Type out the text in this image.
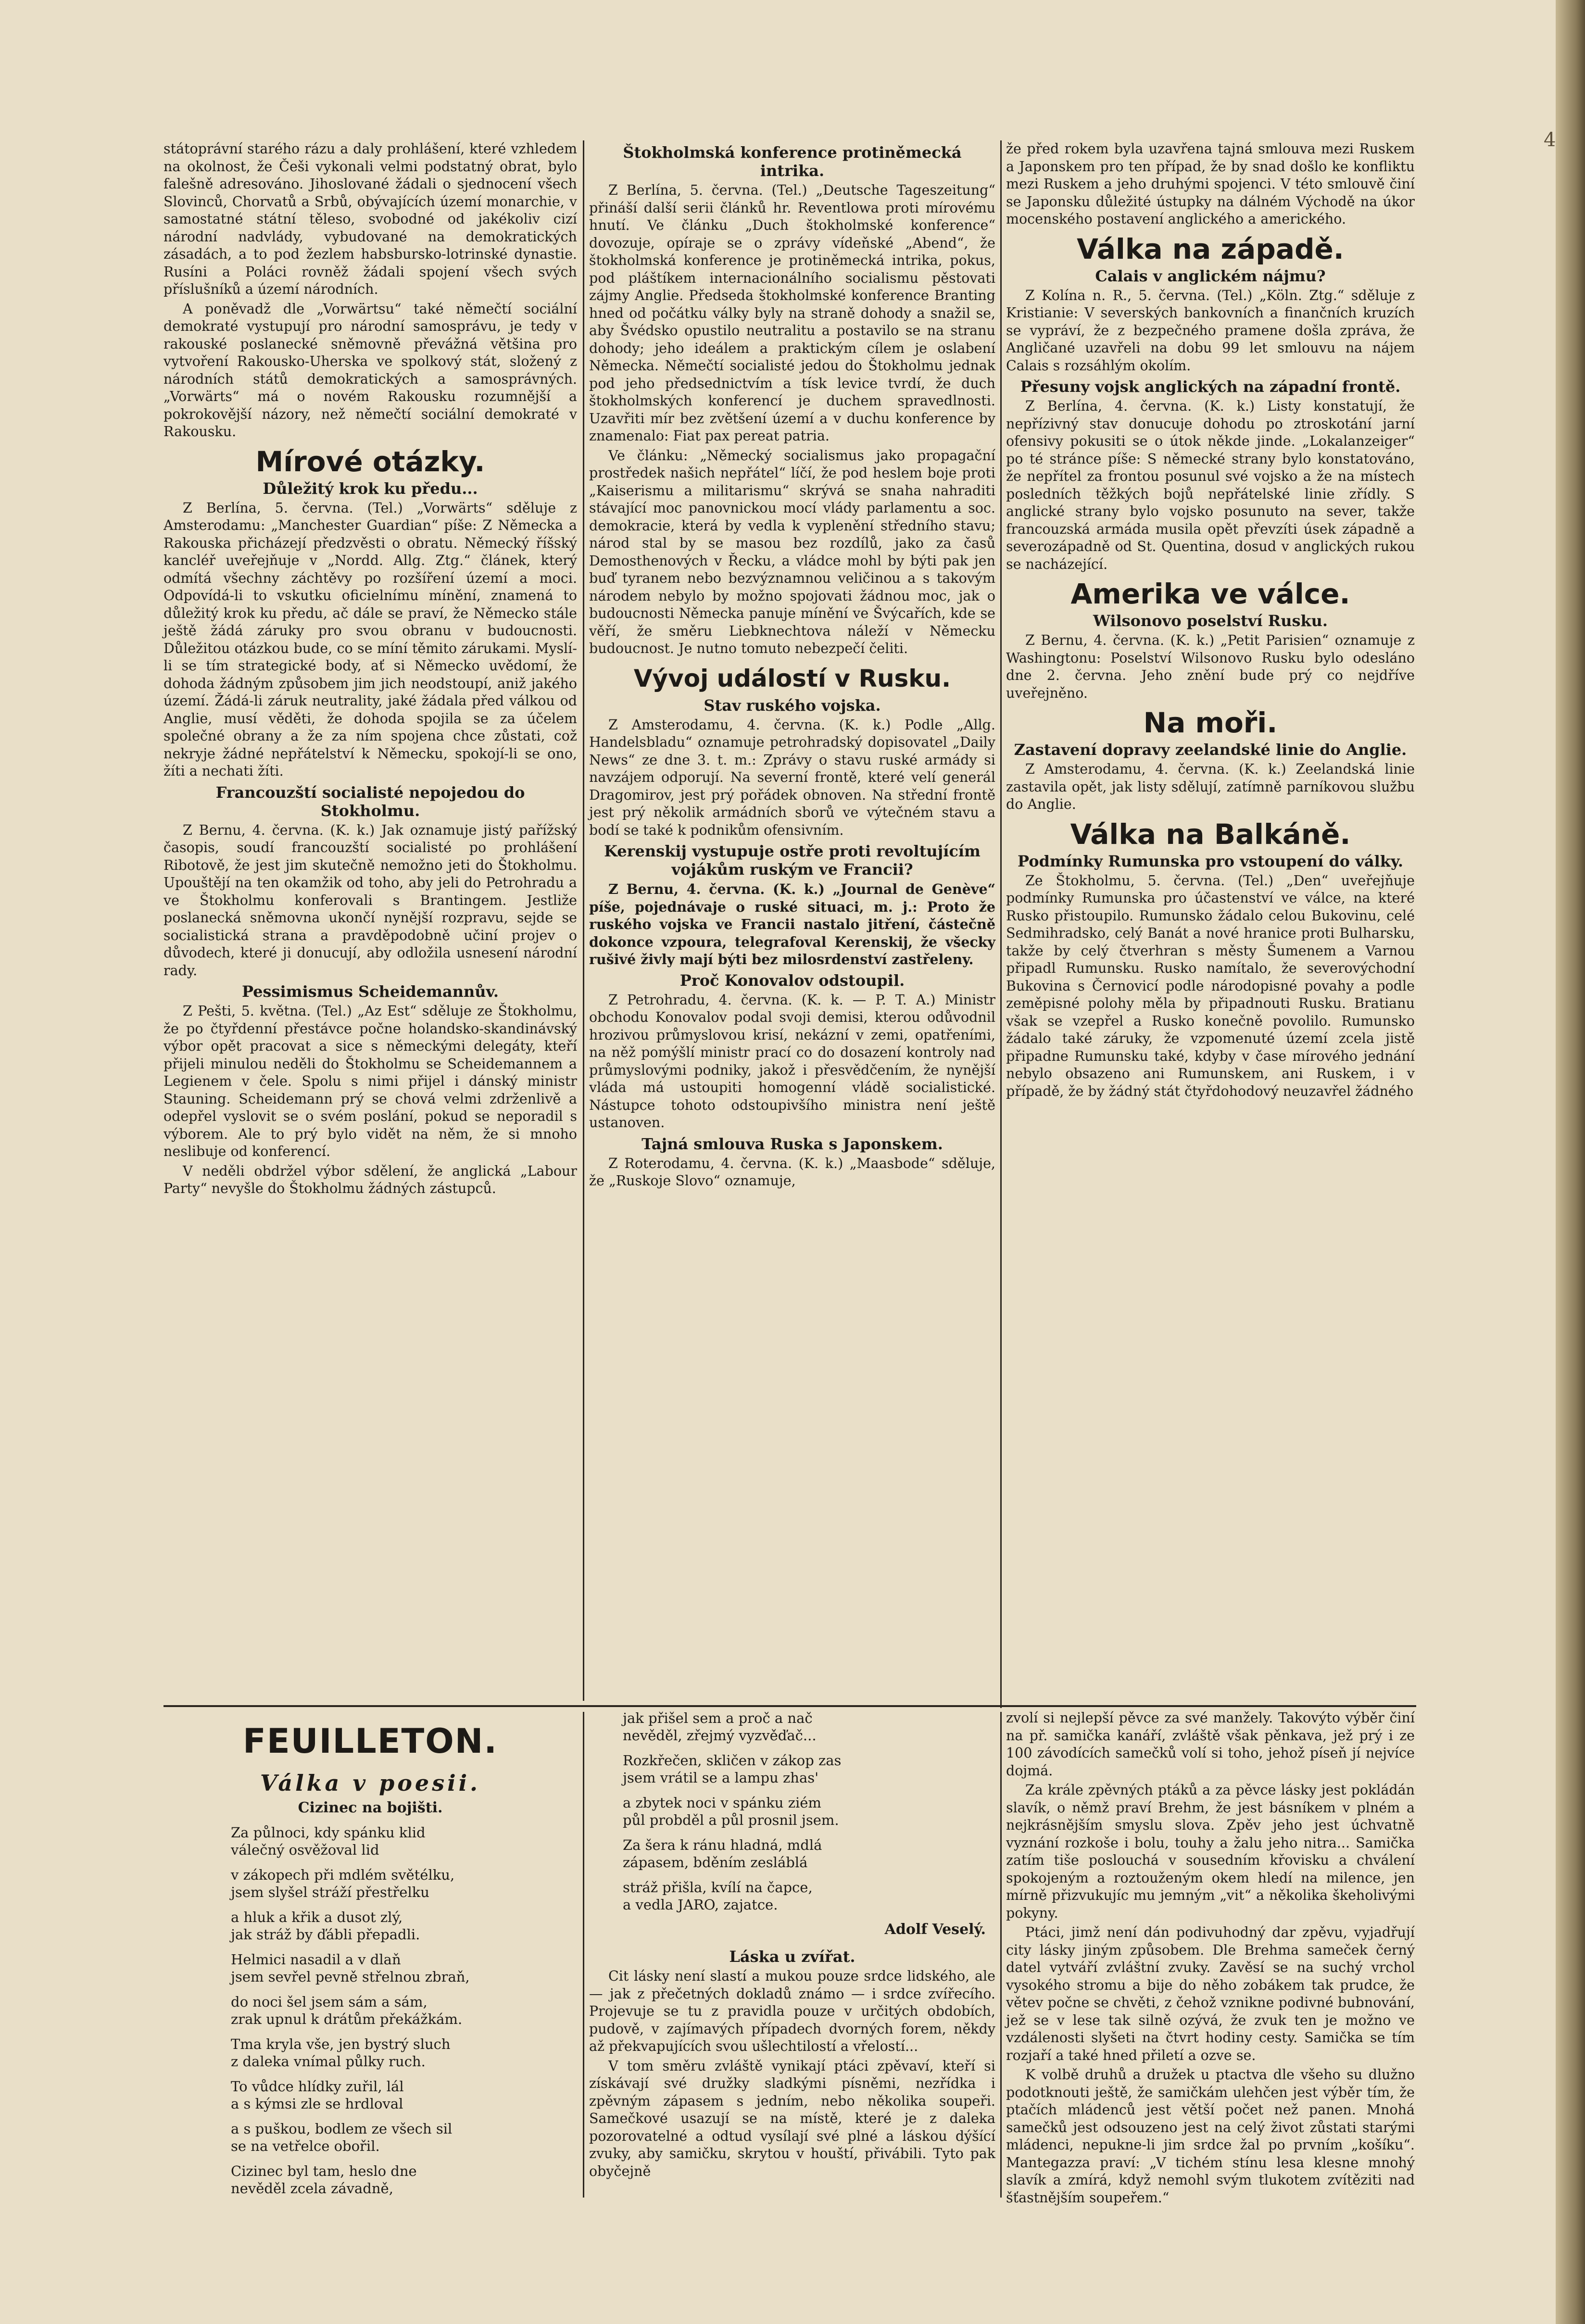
4

státoprávní starého rázu a daly prohlášení, které vzhledem na okolnost, že Češi vykonali velmi podstatný obrat, bylo falešně adresováno. Jihoslované žádali o sjednocení všech Slovinců, Chorvatů a Srbů, obývajících území monarchie, v samostatné státní těleso, svobodné od jakékoliv cizí národní nadvlády, vybudované na demokratických zásadách, a to pod žezlem habsbursko-lotrinské dynastie. Rusíni a Poláci rovněž žádali spojení všech svých příslušníků a území národních.

A poněvadž dle „Vorwärtsu“ také němečtí sociální demokraté vystupují pro národní samosprávu, je tedy v rakouské poslanecké sněmovně převážná většina pro vytvoření Rakousko-Uherska ve spolkový stát, složený z národních států demokratických a samosprávných. „Vorwärts“ má o novém Rakousku rozumnější a pokrokovější názory, než němečtí sociální demokraté v Rakousku.

Mírové otázky.
Důležitý krok ku předu...

Z Berlína, 5. června. (Tel.) „Vorwärts“ sděluje z Amsterodamu: „Manchester Guardian“ píše: Z Německa a Rakouska přicházejí předzvěsti o obratu. Německý říšský kancléř uveřejňuje v „Nordd. Allg. Ztg.“ článek, který odmítá všechny záchtěvy po rozšíření území a moci. Odpovídá-li to vskutku oficielnímu mínění, znamená to důležitý krok ku předu, ač dále se praví, že Německo stále ještě žádá záruky pro svou obranu v budoucnosti. Důležitou otázkou bude, co se míní těmito zárukami. Myslí-li se tím strategické body, ať si Německo uvědomí, že dohoda žádným způsobem jim jich neodstoupí, aniž jakého území. Žádá-li záruk neutrality, jaké žádala před válkou od Anglie, musí věděti, že dohoda spojila se za účelem společné obrany a že za ním spojena chce zůstati, což nekryje žádné nepřátelství k Německu, spokojí-li se ono, žíti a nechati žíti.

Francouzští socialisté nepojedou do Stokholmu.

Z Bernu, 4. června. (K. k.) Jak oznamuje jistý pařížský časopis, soudí francouzští socialisté po prohlášení Ribotově, že jest jim skutečně nemožno jeti do Štokholmu. Upouštějí na ten okamžik od toho, aby jeli do Petrohradu a ve Štokholmu konferovali s Brantingem. Jestliže poslanecká sněmovna ukončí nynější rozpravu, sejde se socialistická strana a pravděpodobně učiní projev o důvodech, které ji donucují, aby odložila usnesení národní rady.

Pessimismus Scheidemannův.

Z Pešti, 5. května. (Tel.) „Az Est“ sděluje ze Štokholmu, že po čtyřdenní přestávce počne holandsko-skandinávský výbor opět pracovat a sice s německými delegáty, kteří přijeli minulou neděli do Štokholmu se Scheidemannem a Legienem v čele. Spolu s nimi přijel i dánský ministr Stauning. Scheidemann prý se chová velmi zdrženlivě a odepřel vyslovit se o svém poslání, pokud se neporadil s výborem. Ale to prý bylo vidět na něm, že si mnoho neslibuje od konferencí.

V neděli obdržel výbor sdělení, že anglická „Labour Party“ nevyšle do Štokholmu žádných zástupců.

Štokholmská konference protiněmecká intrika.

Z Berlína, 5. června. (Tel.) „Deutsche Tageszeitung“ přináší další serii článků hr. Reventlowa proti mírovému hnutí. Ve článku „Duch štokholmské konference“ dovozuje, opíraje se o zprávy vídeňské „Abend“, že štokholmská konference je protiněmecká intrika, pokus, pod pláštíkem internacionálního socialismu pěstovati zájmy Anglie. Předseda štokholmské konference Branting hned od počátku války byly na straně dohody a snažil se, aby Švédsko opustilo neutralitu a postavilo se na stranu dohody; jeho ideálem a praktickým cílem je oslabení Německa. Němečtí socialisté jedou do Štokholmu jednak pod jeho předsednictvím a tísk levice tvrdí, že duch štokholmských konferencí je duchem spravedlnosti. Uzavřiti mír bez zvětšení území a v duchu konference by znamenalo: Fiat pax pereat patria.

Ve článku: „Německý socialismus jako propagační prostředek našich nepřátel“ líčí, že pod heslem boje proti „Kaiserismu a militarismu“ skrývá se snaha nahraditi stávající moc panovnickou mocí vlády parlamentu a soc. demokracie, která by vedla k vyplenění středního stavu; národ stal by se masou bez rozdílů, jako za časů Demosthenových v Řecku, a vládce mohl by býti pak jen buď tyranem nebo bezvýznamnou veličinou a s takovým národem nebylo by možno spojovati žádnou moc, jak o budoucnosti Německa panuje mínění ve Švýcařích, kde se věří, že směru Liebknechtova náleží v Německu budoucnost. Je nutno tomuto nebezpečí čeliti.

Vývoj událostí v Rusku.
Stav ruského vojska.

Z Amsterodamu, 4. června. (K. k.) Podle „Allg. Handelsbladu“ oznamuje petrohradský dopisovatel „Daily News“ ze dne 3. t. m.: Zprávy o stavu ruské armády si navzájem odporují. Na severní frontě, které velí generál Dragomirov, jest prý pořádek obnoven. Na střední frontě jest prý několik armádních sborů ve výtečném stavu a bodí se také k podnikům ofensivním.

Kerenskij vystupuje ostře proti revoltujícím vojákům ruským ve Francii?

Z Bernu, 4. června. (K. k.) „Journal de Genève“ píše, pojednávaje o ruské situaci, m. j.: Proto že ruského vojska ve Francii nastalo jitření, částečně dokonce vzpoura, telegrafoval Kerenskij, že všecky rušivé živly mají býti bez milosrdenství zastřeleny.

Proč Konovalov odstoupil.

Z Petrohradu, 4. června. (K. k. — P. T. A.) Ministr obchodu Konovalov podal svoji demisi, kterou odůvodnil hrozivou průmyslovou krisí, nekázní v zemi, opatřeními, na něž pomýšlí ministr prací co do dosazení kontroly nad průmyslovými podniky, jakož i přesvědčením, že nynější vláda má ustoupiti homogenní vládě socialistické. Nástupce tohoto odstoupivšího ministra není ještě ustanoven.

Tajná smlouva Ruska s Japonskem.

Z Roterodamu, 4. června. (K. k.) „Maasbode“ sděluje, že „Ruskoje Slovo“ oznamuje,

že před rokem byla uzavřena tajná smlouva mezi Ruskem a Japonskem pro ten případ, že by snad došlo ke konfliktu mezi Ruskem a jeho druhými spojenci. V této smlouvě činí se Japonsku důležité ústupky na dálném Východě na úkor mocenského postavení anglického a amerického.

Válka na západě.
Calais v anglickém nájmu?

Z Kolína n. R., 5. června. (Tel.) „Köln. Ztg.“ sděluje z Kristianie: V severských bankovních a finančních kruzích se vypráví, že z bezpečného pramene došla zpráva, že Angličané uzavřeli na dobu 99 let smlouvu na nájem Calais s rozsáhlým okolím.

Přesuny vojsk anglických na západní frontě.

Z Berlína, 4. června. (K. k.) Listy konstatují, že nepřízivný stav donucuje dohodu po ztroskotání jarní ofensivy pokusiti se o útok někde jinde. „Lokalanzeiger“ po té stránce píše: S německé strany bylo konstatováno, že nepřítel za frontou posunul své vojsko a že na místech posledních těžkých bojů nepřátelské linie zřídly. S anglické strany bylo vojsko posunuto na sever, takže francouzská armáda musila opět převzíti úsek západně a severozápadně od St. Quentina, dosud v anglických rukou se nacházející.

Amerika ve válce.
Wilsonovo poselství Rusku.

Z Bernu, 4. června. (K. k.) „Petit Parisien“ oznamuje z Washingtonu: Poselství Wilsonovo Rusku bylo odesláno dne 2. června. Jeho znění bude prý co nejdříve uveřejněno.

Na moři.
Zastavení dopravy zeelandské linie do Anglie.

Z Amsterodamu, 4. června. (K. k.) Zeelandská linie zastavila opět, jak listy sdělují, zatímně parníkovou službu do Anglie.

Válka na Balkáně.
Podmínky Rumunska pro vstoupení do války.

Ze Štokholmu, 5. června. (Tel.) „Den“ uveřejňuje podmínky Rumunska pro účastenství ve válce, na které Rusko přistoupilo. Rumunsko žádalo celou Bukovinu, celé Sedmihradsko, celý Banát a nové hranice proti Bulharsku, takže by celý čtverhran s městy Šumenem a Varnou připadl Rumunsku. Rusko namítalo, že severovýchodní Bukovina s Černovicí podle národopisné povahy a podle zeměpisné polohy měla by připadnouti Rusku. Bratianu však se vzepřel a Rusko konečně povolilo. Rumunsko žádalo také záruky, že vzpomenuté území zcela jistě připadne Rumunsku také, kdyby v čase mírového jednání nebylo obsazeno ani Rumunskem, ani Ruskem, i v případě, že by žádný stát čtyřdohodový neuzavřel žádného

FEUILLETON.
Válka v poesii.
Cizinec na bojišti.
Za půlnoci, kdy spánku klid
válečný osvěžoval lid
v zákopech při mdlém světélku,
jsem slyšel stráží přestřelku
a hluk a křik a dusot zlý,
jak stráž by ďábli přepadli.
Helmici nasadil a v dlaň
jsem sevřel pevně střelnou zbraň,
do noci šel jsem sám a sám,
zrak upnul k drátům překážkám.
Tma kryla vše, jen bystrý sluch
z daleka vnímal půlky ruch.
To vůdce hlídky zuřil, lál
a s kýmsi zle se hrdloval
a s puškou, bodlem ze všech sil
se na vetřelce obořil.
Cizinec byl tam, heslo dne
nevěděl zcela závadně,
jak přišel sem a proč a nač
nevěděl, zřejmý vyzvěďač...
Rozkřečen, skličen v zákop zas
jsem vrátil se a lampu zhas'
a zbytek noci v spánku ziém
půl probděl a půl prosnil jsem.
Za šera k ránu hladná, mdlá
zápasem, bděním zesláblá
stráž přišla, kvílí na čapce,
a vedla JARO, zajatce.
Adolf Veselý.
Láska u zvířat.

Cit lásky není slastí a mukou pouze srdce lidského, ale — jak z přečetných dokladů známo — i srdce zvířecího. Projevuje se tu z pravidla pouze v určitých obdobích, pudově, v zajímavých případech dvorných forem, někdy až překvapujících svou ušlechtilostí a vřelostí...

V tom směru zvláště vynikají ptáci zpěvaví, kteří si získávají své družky sladkými písněmi, nezřídka i zpěvným zápasem s jedním, nebo několika soupeři. Samečkové usazují se na místě, které je z daleka pozorovatelné a odtud vysílají své plné a láskou dýšící zvuky, aby samičku, skrytou v houští, přivábili. Tyto pak obyčejně

zvolí si nejlepší pěvce za své manžely. Takovýto výběr činí na př. samička kanáří, zvláště však pěnkava, jež prý i ze 100 závodících samečků volí si toho, jehož píseň jí nejvíce dojmá.

Za krále zpěvných ptáků a za pěvce lásky jest pokládán slavík, o němž praví Brehm, že jest básníkem v plném a nejkrásnějším smyslu slova. Zpěv jeho jest úchvatně vyznání rozkoše i bolu, touhy a žalu jeho nitra... Samička zatím tiše poslouchá v sousedním křovisku a chválení spokojeným a roztouženým okem hledí na milence, jen mírně přizvukujíc mu jemným „vit“ a několika škeholivými pokyny.

Ptáci, jimž není dán podivuhodný dar zpěvu, vyjadřují city lásky jiným způsobem. Dle Brehma sameček černý datel vytváří zvláštní zvuky. Zavěsí se na suchý vrchol vysokého stromu a bije do něho zobákem tak prudce, že větev počne se chvěti, z čehož vznikne podivné bubnování, jež se v lese tak silně ozývá, že zvuk ten je možno ve vzdálenosti slyšeti na čtvrt hodiny cesty. Samička se tím rozjaří a také hned přiletí a ozve se.

K volbě druhů a družek u ptactva dle všeho su dlužno podotknouti ještě, že samičkám ulehčen jest výběr tím, že ptačích mládenců jest větší počet než panen. Mnohá samečků jest odsouzeno jest na celý život zůstati starými mládenci, nepukne-li jim srdce žal po prvním „košíku“. Mantegazza praví: „V tichém stínu lesa klesne mnohý slavík a zmírá, když nemohl svým tlukotem zvítěziti nad šťastnějším soupeřem.“
